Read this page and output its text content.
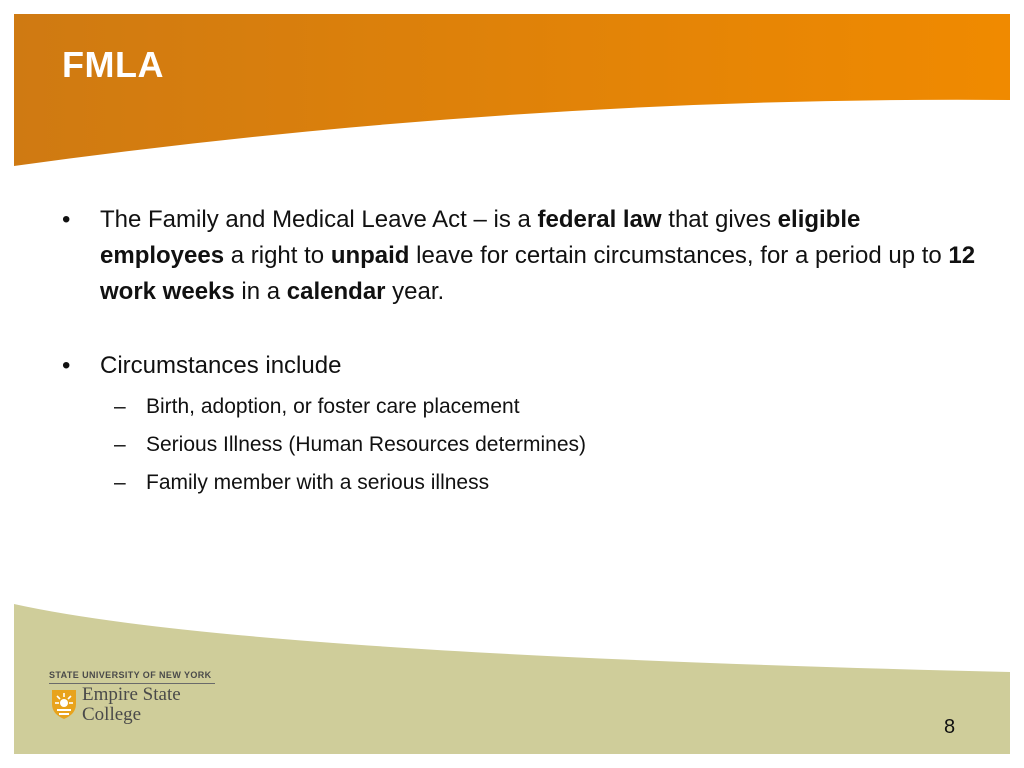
FMLA
• The Family and Medical Leave Act – is a federal law that gives eligible employees a right to unpaid leave for certain circumstances, for a period up to 12 work weeks in a calendar year.
• Circumstances include
– Birth, adoption, or foster care placement
– Serious Illness (Human Resources determines)
– Family member with a serious illness
STATE UNIVERSITY OF NEW YORK
Empire State
College
8
